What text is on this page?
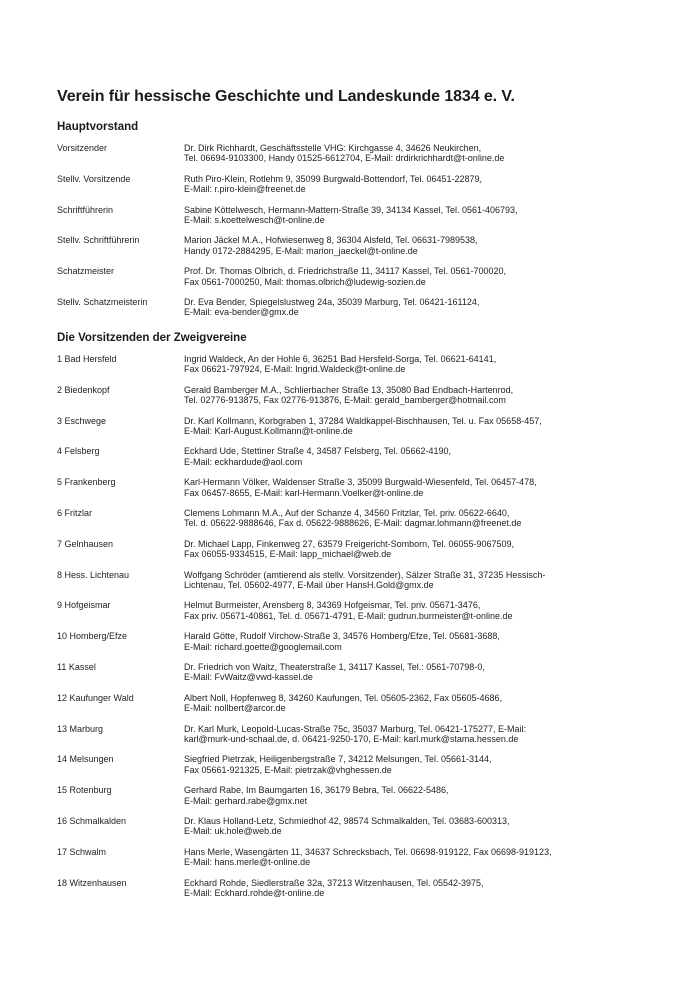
Verein für hessische Geschichte und Landeskunde 1834 e. V.
Hauptvorstand
Vorsitzender	Dr. Dirk Richhardt, Geschäftsstelle VHG: Kirchgasse 4, 34626 Neukirchen,
Tel. 06694-9103300, Handy 01525-6612704, E-Mail: drdirkrichhardt@t-online.de
Stellv. Vorsitzende	Ruth Piro-Klein, Rotlehm 9, 35099 Burgwald-Bottendorf, Tel. 06451-22879,
E-Mail: r.piro-klein@freenet.de
Schriftführerin	Sabine Köttelwesch, Hermann-Mattern-Straße 39, 34134 Kassel, Tel. 0561-406793,
E-Mail: s.koettelwesch@t-online.de
Stellv. Schriftführerin	Marion Jäckel M.A., Hofwiesenweg 8, 36304 Alsfeld, Tel. 06631-7989538,
Handy 0172-2884295, E-Mail: marion_jaeckel@t-online.de
Schatzmeister	Prof. Dr. Thomas Olbrich, d. Friedrichstraße 11, 34117 Kassel, Tel. 0561-700020,
Fax 0561-7000250, Mail: thomas.olbrich@ludewig-sozien.de
Stellv. Schatzmeisterin	Dr. Eva Bender, Spiegelslustweg 24a, 35039 Marburg, Tel. 06421-161124,
E-Mail: eva-bender@gmx.de
Die Vorsitzenden der Zweigvereine
1 Bad Hersfeld	Ingrid Waldeck, An der Hohle 6, 36251 Bad Hersfeld-Sorga, Tel. 06621-64141,
Fax 06621-797924, E-Mail: Ingrid.Waldeck@t-online.de
2 Biedenkopf	Gerald Bamberger M.A., Schlierbacher Straße 13, 35080 Bad Endbach-Hartenrod,
Tel. 02776-913875, Fax 02776-913876, E-Mail: gerald_bamberger@hotmail.com
3 Eschwege	Dr. Karl Kollmann, Korbgraben 1, 37284 Waldkappel-Bischhausen, Tel. u. Fax 05658-457,
E-Mail: Karl-August.Kollmann@t-online.de
4 Felsberg	Eckhard Ude, Stettiner Straße 4, 34587 Felsberg, Tel. 05662-4190,
E-Mail: eckhardude@aol.com
5 Frankenberg	Karl-Hermann Völker, Waldenser Straße 3, 35099 Burgwald-Wiesenfeld, Tel. 06457-478,
Fax 06457-8655, E-Mail: karl-Hermann.Voelker@t-online.de
6 Fritzlar	Clemens Lohmann M.A., Auf der Schanze 4, 34560 Fritzlar, Tel. priv. 05622-6640,
Tel. d. 05622-9888646, Fax d. 05622-9888626, E-Mail: dagmar.lohmann@freenet.de
7 Gelnhausen	Dr. Michael Lapp, Finkenweg 27, 63579 Freigericht-Somborn, Tel. 06055-9067509,
Fax 06055-9334515, E-Mail: lapp_michael@web.de
8 Hess. Lichtenau	Wolfgang Schröder (amtierend als stellv. Vorsitzender), Sälzer Straße 31, 37235 Hessisch-
Lichtenau, Tel. 05602-4977, E-Mail über HansH.Gold@gmx.de
9 Hofgeismar	Helmut Burmeister, Arensberg 8, 34369 Hofgeismar, Tel. priv. 05671-3476,
Fax priv. 05671-40861, Tel. d. 05671-4791, E-Mail: gudrun.burmeister@t-online.de
10 Homberg/Efze	Harald Götte, Rudolf Virchow-Straße 3, 34576 Homberg/Efze, Tel. 05681-3688,
E-Mail: richard.goette@googlemail.com
11 Kassel	Dr. Friedrich von Waitz, Theaterstraße 1, 34117 Kassel, Tel.: 0561-70798-0,
E-Mail: FvWaitz@vwd-kassel.de
12 Kaufunger Wald	Albert Noll, Hopfenweg 8, 34260 Kaufungen, Tel. 05605-2362, Fax 05605-4686,
E-Mail: nollbert@arcor.de
13 Marburg	Dr. Karl Murk, Leopold-Lucas-Straße 75c, 35037 Marburg, Tel. 06421-175277, E-Mail:
karl@murk-und-schaal.de, d. 06421-9250-170, E-Mail: karl.murk@stama.hessen.de
14 Melsungen	Siegfried Pietrzak, Heiligenbergstraße 7, 34212 Melsungen, Tel. 05661-3144,
Fax 05661-921325, E-Mail: pietrzak@vhghessen.de
15 Rotenburg	Gerhard Rabe, Im Baumgarten 16, 36179 Bebra, Tel. 06622-5486,
E-Mail: gerhard.rabe@gmx.net
16 Schmalkalden	Dr. Klaus Holland-Letz, Schmiedhof 42, 98574 Schmalkalden, Tel. 03683-600313,
E-Mail: uk.hole@web.de
17 Schwalm	Hans Merle, Wasengärten 11, 34637 Schrecksbach, Tel. 06698-919122, Fax 06698-919123,
E-Mail: hans.merle@t-online.de
18 Witzenhausen	Eckhard Rohde, Siedlerstraße 32a, 37213 Witzenhausen, Tel. 05542-3975,
E-Mail: Eckhard.rohde@t-online.de
